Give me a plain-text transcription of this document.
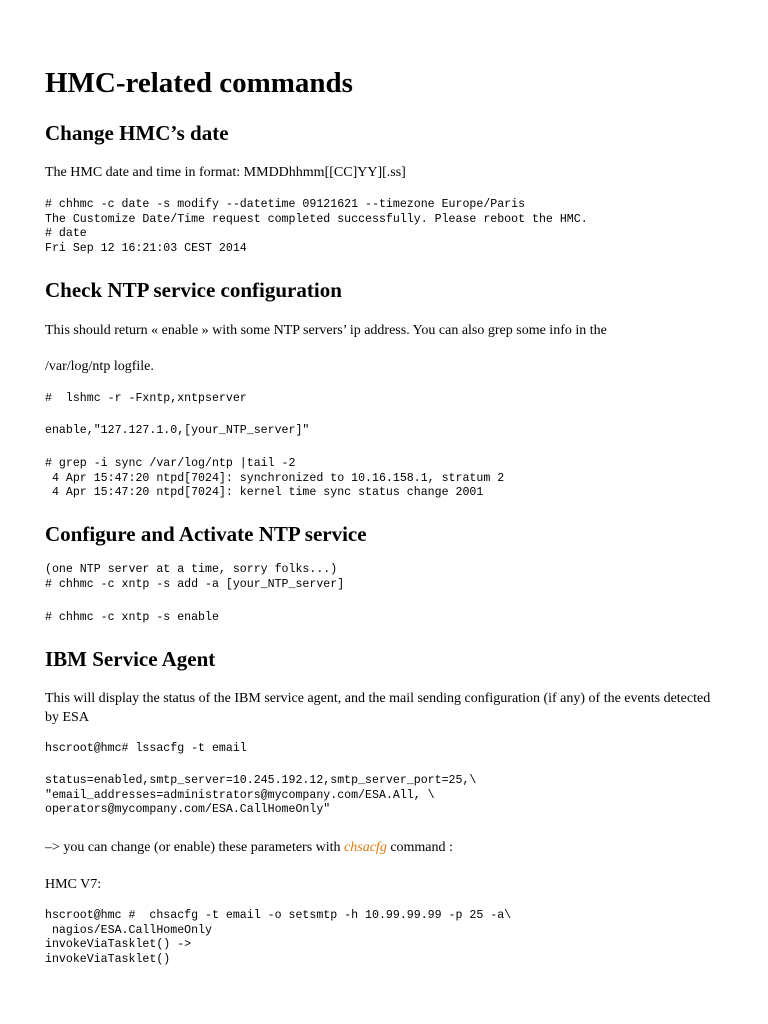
HMC-related commands
Change HMC’s date

The HMC date and time in format: MMDDhhmm[[CC]YY][.ss]

# chhmc -c date -s modify --datetime 09121621 --timezone Europe/Paris
The Customize Date/Time request completed successfully. Please reboot the HMC.
# date
Fri Sep 12 16:21:03 CEST 2014
Check NTP service configuration

This should return « enable » with some NTP servers’ ip address. You can also grep some info in the

/var/log/ntp logfile.

#  lshmc -r -Fxntp,xntpserver
enable,"127.127.1.0,[your_NTP_server]"
# grep -i sync /var/log/ntp |tail -2
4 Apr 15:47:20 ntpd[7024]: synchronized to 10.16.158.1, stratum 2
4 Apr 15:47:20 ntpd[7024]: kernel time sync status change 2001
Configure and Activate NTP service
(one NTP server at a time, sorry folks...)
# chhmc -c xntp -s add -a [your_NTP_server]
# chhmc -c xntp -s enable
IBM Service Agent

This will display the status of the IBM service agent, and the mail sending configuration (if any) of the events detected by ESA

hscroot@hmc# lssacfg -t email
status=enabled,smtp_server=10.245.192.12,smtp_server_port=25,\
"email_addresses=administrators@mycompany.com/ESA.All, \
operators@mycompany.com/ESA.CallHomeOnly"

–> you can change (or enable) these parameters with chsacfg command :

HMC V7:

hscroot@hmc #  chsacfg -t email -o setsmtp -h 10.99.99.99 -p 25 -a\
nagios/ESA.CallHomeOnly
invokeViaTasklet() ->
invokeViaTasklet()
